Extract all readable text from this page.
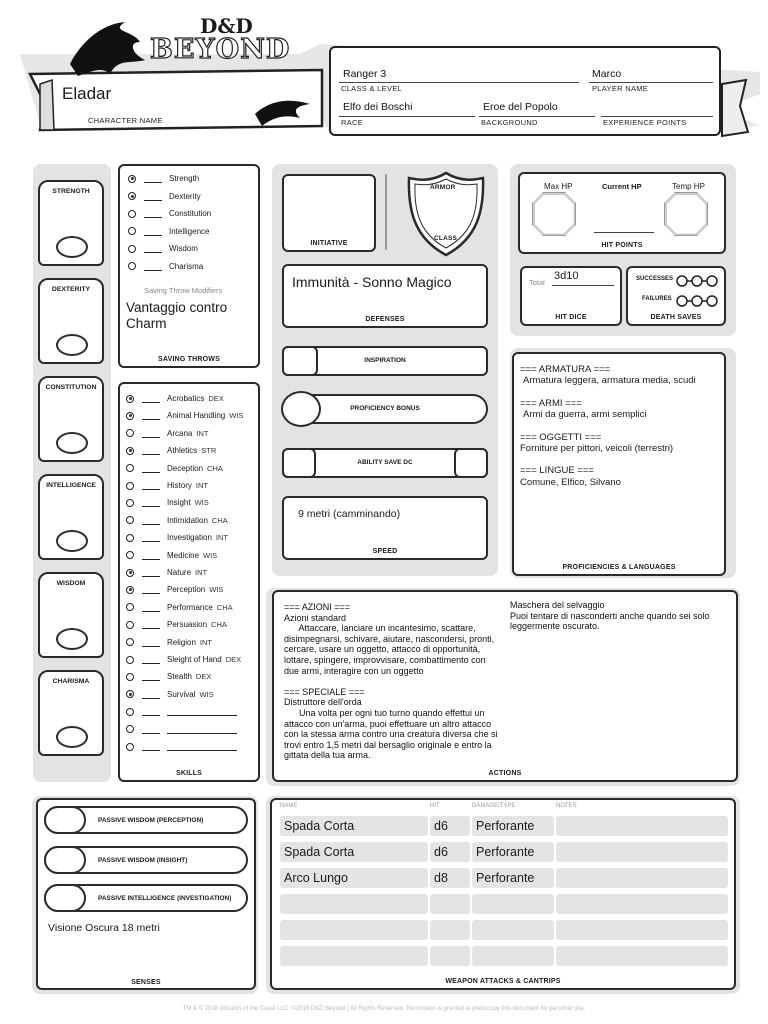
D&D
BEYOND
Eladar
CHARACTER NAME
Ranger 3
CLASS & LEVEL
Marco
PLAYER NAME
Elfo dei Boschi
RACE
Eroe del Popolo
BACKGROUND	EXPERIENCE POINTS
STRENGTH
DEXTERITY
CONSTITUTION
INTELLIGENCE
WISDOM
CHARISMA
Strength
Dexterity
Constitution
Intelligence
Wisdom
Charisma
Saving Throw Modifiers
Vantaggio contro Charm
SAVING THROWS
Acrobatics DEX
Animal Handling WIS
Arcana INT
Athletics STR
Deception CHA
History INT
Insight WIS
Intimidation CHA
Investigation INT
Medicine WIS
Nature INT
Perception WIS
Performance CHA
Persuasion CHA
Religion INT
Sleight of Hand DEX
Stealth DEX
Survival WIS
SKILLS
INITIATIVE
ARMOR
CLASS
Immunità - Sonno Magico
DEFENSES
INSPIRATION
PROFICIENCY BONUS
ABILITY SAVE DC
9 metri (camminando)
SPEED
Max HP	Current HP	Temp HP
HIT POINTS
Total
3d10
HIT DICE
SUCCESSES
FAILURES
DEATH SAVES
=== ARMATURA ===
Armatura leggera, armatura media, scudi
=== ARMI ===
Armi da guerra, armi semplici
=== OGGETTI ===
Forniture per pittori, veicoli (terrestri)
=== LINGUE ===
Comune, Elfico, Silvano
PROFICIENCIES & LANGUAGES
=== AZIONI ===
Azioni standard
Attaccare, lanciare un incantesimo, scattare,
disimpegnarsi, schivare, aiutare, nascondersi, pronti,
cercare, usare un oggetto, attacco di opportunità,
lottare, spingere, improvvisare, combattimento con
due armi, interagire con un oggetto

=== SPECIALE ===
Distruttore dell'orda
Una volta per ogni tuo turno quando effettui un
attacco con un'arma, puoi effettuare un altro attacco
con la stessa arma contro una creatura diversa che si
trovi entro 1,5 metri dal bersaglio originale e entro la
gittata della tua arma.
Maschera del selvaggio
Puoi tentare di nasconderti anche quando sei solo
leggermente oscurato.
ACTIONS
PASSIVE WISDOM (PERCEPTION)
PASSIVE WISDOM (INSIGHT)
PASSIVE INTELLIGENCE (INVESTIGATION)
Visione Oscura 18 metri
SENSES
NAME	HIT	DAMAGE/TYPE	NOTES
Spada Corta	d6	Perforante
Spada Corta	d6	Perforante
Arco Lungo	d8	Perforante
WEAPON ATTACKS & CANTRIPS
TM & © 2018 Wizards of the Coast LLC. ©2018 D&D Beyond | All Rights Reserved. Permission is granted to photocopy this document for personal use.
